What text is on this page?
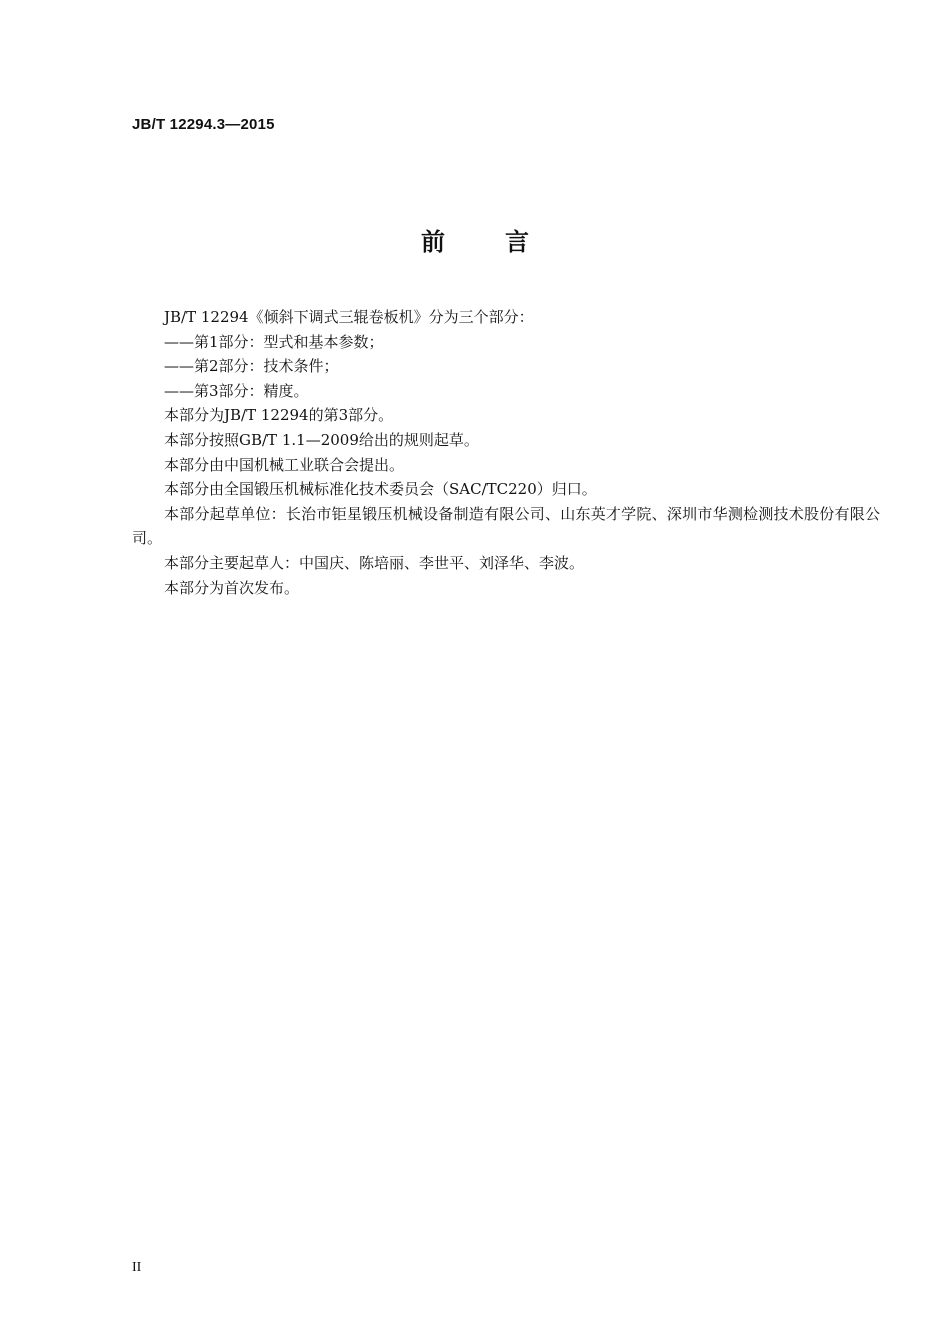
JB/T 12294.3—2015
前	言

JB/T 12294《倾斜下调式三辊卷板机》分为三个部分：

——第1部分：型式和基本参数；

——第2部分：技术条件；

——第3部分：精度。

本部分为JB/T 12294的第3部分。

本部分按照GB/T 1.1—2009给出的规则起草。

本部分由中国机械工业联合会提出。

本部分由全国锻压机械标准化技术委员会（SAC/TC220）归口。

本部分起草单位：长治市钜星锻压机械设备制造有限公司、山东英才学院、深圳市华测检测技术股份有限公司。

本部分主要起草人：中国庆、陈培丽、李世平、刘泽华、李波。

本部分为首次发布。

II
